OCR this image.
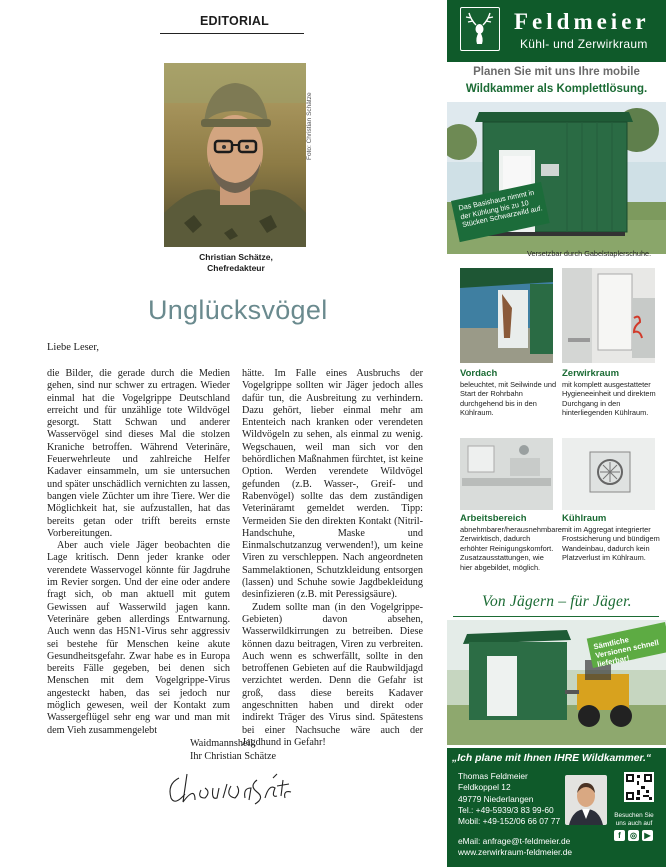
EDITORIAL
Foto: Christian Schätze
Christian Schätze,
Chefredakteur
Unglücksvögel
Liebe Leser,

die Bilder, die gerade durch die Medien gehen, sind nur schwer zu ertragen. Wieder einmal hat die Vogelgrippe Deutschland erreicht und für unzählige tote Wildvögel gesorgt. Statt Schwan und anderer Wasservögel sind dieses Mal die stolzen Kraniche betroffen. Während Veterinäre, Feuerwehrleute und zahlreiche Helfer Kadaver einsammeln, um sie untersuchen und später unschädlich vernichten zu lassen, bangen viele Züchter um ihre Tiere. Wer die Möglichkeit hat, sie aufzustallen, hat das bereits getan oder trifft bereits ernste Vorbereitungen.

Aber auch viele Jäger beobachten die Lage kritisch. Denn jeder kranke oder verendete Wasservogel könnte für Jagdruhe im Revier sorgen. Und der eine oder andere fragt sich, ob man aktuell mit gutem Gewissen auf Wasserwild jagen kann. Veterinäre geben allerdings Entwarnung. Auch wenn das H5N1-Virus sehr aggressiv sei bestehe für Menschen keine akute Gesundheitsgefahr. Zwar habe es in Europa bereits Fälle gegeben, bei denen sich Menschen mit dem Vogelgrippe-Virus angesteckt haben, das sei jedoch nur möglich gewesen, weil der Kontakt zum Wassergeflügel sehr eng war und man mit dem Vieh zusammengelebt

hätte. Im Falle eines Ausbruchs der Vogelgrippe sollten wir Jäger jedoch alles dafür tun, die Ausbreitung zu verhindern. Dazu gehört, lieber einmal mehr am Ententeich nach kranken oder verendeten Wildvögeln zu sehen, als einmal zu wenig. Wegschauen, weil man sich vor den behördlichen Maßnahmen fürchtet, ist keine Option. Werden verendete Wildvögel gefunden (z.B. Wasser-, Greif- und Rabenvögel) sollte das dem zuständigen Veterinäramt gemeldet werden. Tipp: Vermeiden Sie den direkten Kontakt (Nitril-Handschuhe, Maske und Einmalschutzanzug verwenden!), um keine Viren zu verschleppen. Nach angeordneten Sammelaktionen, Schutzkleidung entsorgen (lassen) und Schuhe sowie Jagdbekleidung desinfizieren (z.B. mit Peressigsäure).

Zudem sollte man (in den Vogelgrippe-Gebieten) davon absehen, Wasserwildkirrungen zu betreiben. Diese können dazu beitragen, Viren zu verbreiten. Auch wenn es schwerfällt, sollte in den betroffenen Gebieten auf die Raubwildjagd verzichtet werden. Denn die Gefahr ist groß, dass diese bereits Kadaver angeschnitten haben und direkt oder indirekt Träger des Virus sind. Spätestens bei einer Nachsuche wäre auch der Jagdhund in Gefahr!

Waidmannsheil,
Ihr Christian Schätze
Feldmeier
Kühl- und Zerwirkraum
Planen Sie mit uns Ihre mobile
Wildkammer als Komplettlösung.
Das Basishaus nimmt in der Kühlung bis zu 10 Stücken Schwarzwild auf.
Versetzbar durch Gabelstaplerschuhe.
Vordach
beleuchtet, mit Seilwinde und Start der Rohrbahn durchgehend bis in den Kühlraum.
Zerwirkraum
mit komplett ausgestatteter Hygieneeinheit und direktem Durchgang in den hinterliegenden Kühlraum.
Arbeitsbereich
abnehmbarer/herausnehmbarer Zerwirktisch, dadurch erhöhter Reinigungskomfort. Zusatzausstattungen, wie hier abgebildet, möglich.
Kühlraum
mit im Aggregat integrierter Frostsicherung und bündigem Wandeinbau, dadurch kein Platzverlust im Kühlraum.
Von Jägern – für Jäger.
Sämtliche Versionen schnell lieferbar!
„Ich plane mit Ihnen IHRE Wildkammer.“
Thomas Feldmeier
Feldkoppel 12
49779 Niederlangen
Tel.: +49-5939/3 83 99-60
Mobil: +49-152/06 66 07 77
Besuchen Sie uns auch auf
f	◎ ▶
eMail: anfrage@t-feldmeier.de
www.zerwirkraum-feldmeier.de
